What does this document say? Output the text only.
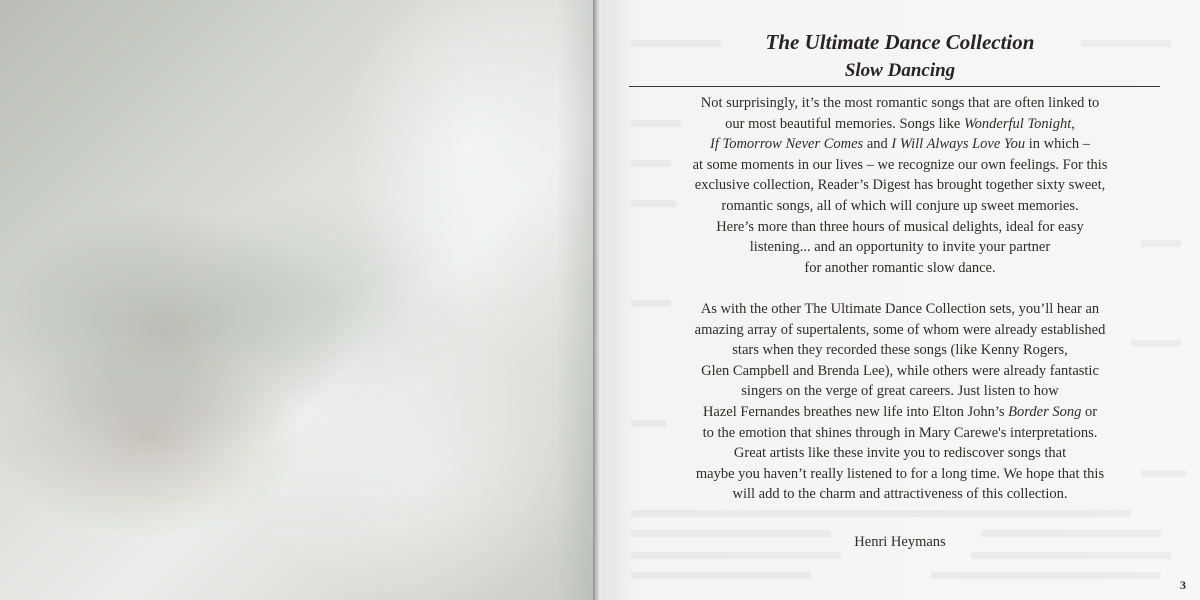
The Ultimate Dance Collection
Slow Dancing
Not surprisingly, it’s the most romantic songs that are often linked to
our most beautiful memories. Songs like Wonderful Tonight,
If Tomorrow Never Comes and I Will Always Love You in which –
at some moments in our lives – we recognize our own feelings. For this
exclusive collection, Reader’s Digest has brought together sixty sweet,
romantic songs, all of which will conjure up sweet memories.
Here’s more than three hours of musical delights, ideal for easy
listening... and an opportunity to invite your partner
for another romantic slow dance.
As with the other The Ultimate Dance Collection sets, you’ll hear an
amazing array of supertalents, some of whom were already established
stars when they recorded these songs (like Kenny Rogers,
Glen Campbell and Brenda Lee), while others were already fantastic
singers on the verge of great careers. Just listen to how
Hazel Fernandes breathes new life into Elton John’s Border Song or
to the emotion that shines through in Mary Carewe's interpretations.
Great artists like these invite you to rediscover songs that
maybe you haven’t really listened to for a long time. We hope that this
will add to the charm and attractiveness of this collection.
Henri Heymans
3
